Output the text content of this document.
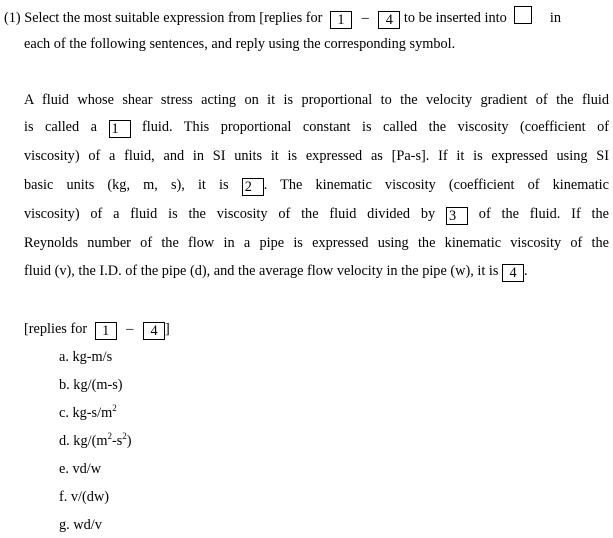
(1) Select the most suitable expression from [replies for 1 – 4 to be inserted into	in
each of the following sentences, and reply using the corresponding symbol.
A fluid whose shear stress acting on it is proportional to the velocity gradient of the fluid
is called a 1 fluid. This proportional constant is called the viscosity (coefficient of
viscosity) of a fluid, and in SI units it is expressed as [Pa-s]. If it is expressed using SI
basic units (kg, m, s), it is 2 . The kinematic viscosity (coefficient of kinematic
viscosity) of a fluid is the viscosity of the fluid divided by 3 of the fluid. If the
Reynolds number of the flow in a pipe is expressed using the kinematic viscosity of the
fluid (v), the I.D. of the pipe (d), and the average flow velocity in the pipe (w), it is 4 .
[replies for 1 – 4 ]
a. kg-m/s
b. kg/(m-s)
c. $kg-s/m^2$
d. $kg/(m^2-s^2)$
e. vd/w
f. v/(dw)
g. wd/v
